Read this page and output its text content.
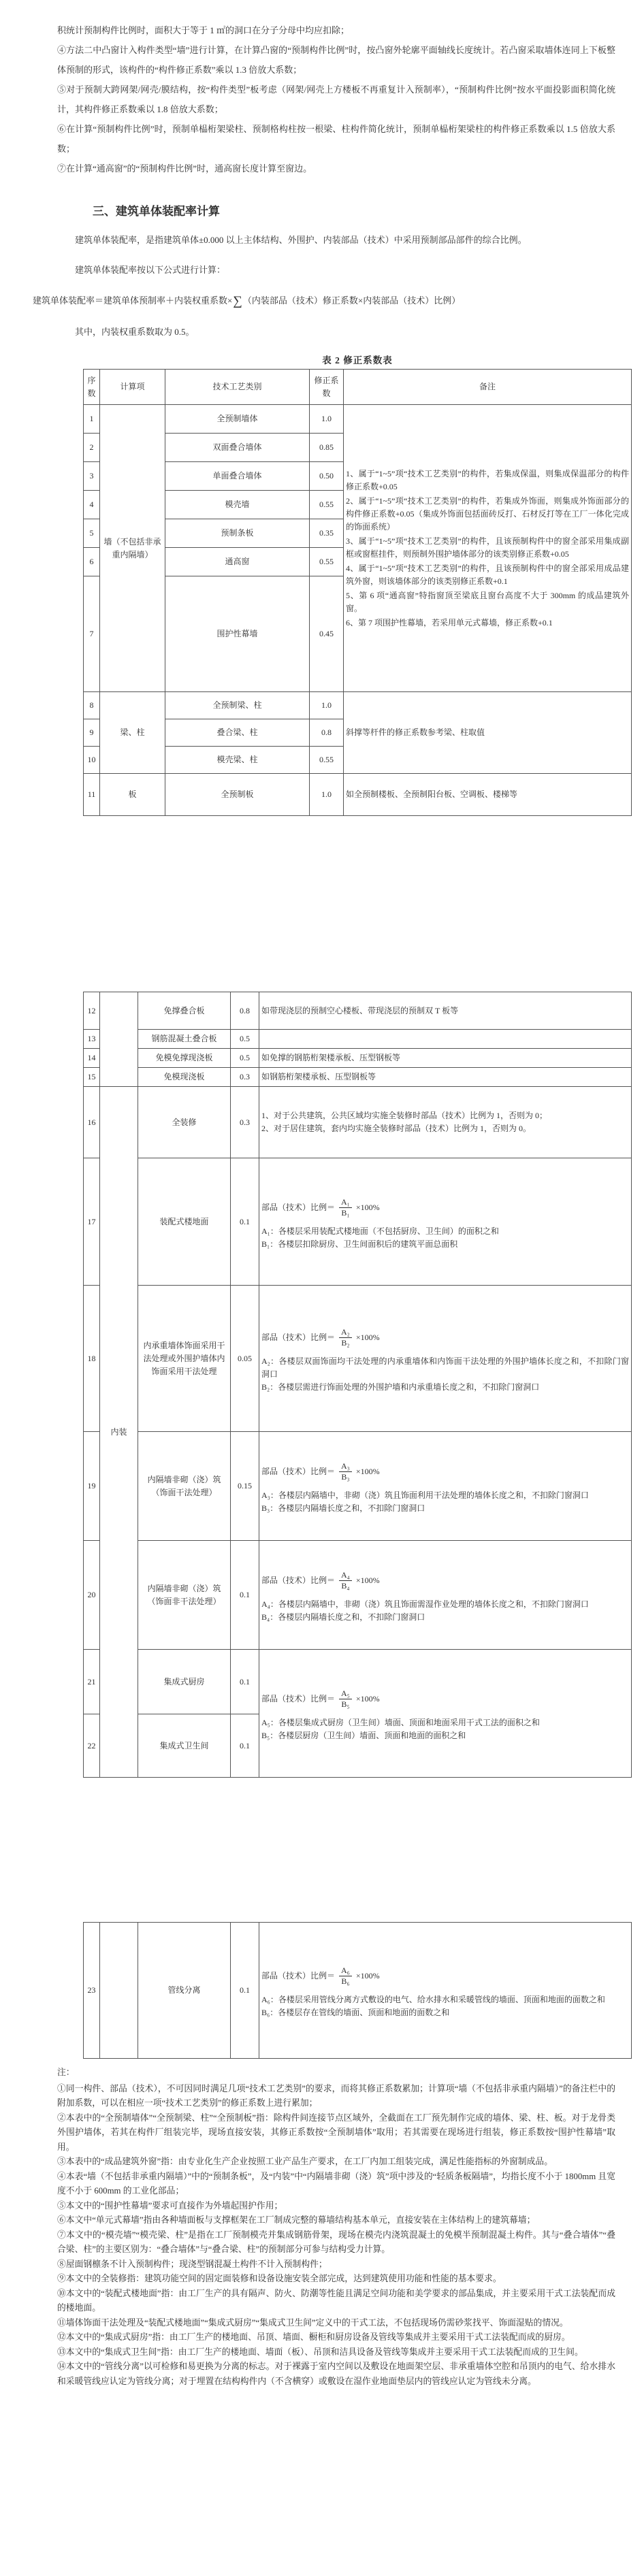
积统计预制构件比例时，面积大于等于 1 ㎡的洞口在分子分母中均应扣除；

④方法二中凸窗计入构件类型“墙”进行计算，在计算凸窗的“预制构件比例”时，按凸窗外轮廓平面轴线长度统计。若凸窗采取墙体连同上下板整体预制的形式，该构件的“构件修正系数”乘以 1.3 倍放大系数；

⑤对于预制大跨网架/网壳/膜结构，按“构件类型”板考虑（网架/网壳上方楼板不再重复计入预制率），“预制构件比例”按水平面投影面积简化统计，其构件修正系数乘以 1.8 倍放大系数；

⑥在计算“预制构件比例”时，预制单榀桁架梁柱、预制格构柱按一根梁、柱构件简化统计，预制单榀桁架梁柱的构件修正系数乘以 1.5 倍放大系数；

⑦在计算“通高窗”的“预制构件比例”时，通高窗长度计算至窗边。

三、建筑单体装配率计算

建筑单体装配率，是指建筑单体±0.000 以上主体结构、外围护、内装部品（技术）中采用预制部品部件的综合比例。

建筑单体装配率按以下公式进行计算：

建筑单体装配率＝建筑单体预制率＋内装权重系数×∑（内装部品（技术）修正系数×内装部品（技术）比例）

其中，内装权重系数取为 0.5。

表 2 修正系数表
序数	计算项	技术工艺类别	修正系数	备注
1	墙（不包括非承重内隔墙）	全预制墙体	1.0	
1、属于“1~5”项“技术工艺类别”的构件，若集成保温，则集成保温部分的构件修正系数+0.05
2、属于“1~5”项“技术工艺类别”的构件，若集成外饰面，则集成外饰面部分的构件修正系数+0.05（集成外饰面包括面砖反打、石材反打等在工厂一体化完成的饰面系统）
3、属于“1~5”项“技术工艺类别”的构件，且该预制构件中的窗全部采用集成副框或窗框挂件，则预制外围护墙体部分的该类别修正系数+0.05
4、属于“1~5”项“技术工艺类别”的构件，且该预制构件中的窗全部采用成品建筑外窗，则该墙体部分的该类别修正系数+0.1
5、第 6 项“通高窗”特指窗顶至梁底且窗台高度不大于 300mm 的成品建筑外窗。
6、第 7 项围护性幕墙，若采用单元式幕墙，修正系数+0.1

2		双面叠合墙体	0.85	
3		单面叠合墙体	0.50	
4		模壳墙	0.55	
5		预制条板	0.35	
6		通高窗	0.55	
7		围护性幕墙	0.45	
8	梁、柱	全预制梁、柱	1.0	斜撑等杆件的修正系数参考梁、柱取值
9		叠合梁、柱	0.8	
10		模壳梁、柱	0.55	
11	板	全预制板	1.0	如全预制楼板、全预制阳台板、空调板、楼梯等
12		免撑叠合板	0.8	如带现浇层的预制空心楼板、带现浇层的预制双 T 板等
13		钢筋混凝土叠合板	0.5	
14		免模免撑现浇板	0.5	如免撑的钢筋桁架楼承板、压型钢板等
15		免模现浇板	0.3	如钢筋桁架楼承板、压型钢板等
16	内装	全装修	0.3	1、对于公共建筑，公共区域均实施全装修时部品（技术）比例为 1，否则为 0；
2、对于居住建筑，套内均实施全装修时部品（技术）比例为 1，否则为 0。

17	装配式楼地面	0.1	
部品（技术）比例＝ $\frac{\text{A₁}}{\text{B₁}} \times 100\%$
A₁：各楼层采用装配式楼地面（不包括厨房、卫生间）的面积之和
B₁：各楼层扣除厨房、卫生间面积后的建筑平面总面积

18	内承重墙体饰面采用干法处理或外围护墙体内饰面采用干法处理	0.05	
部品（技术）比例＝ $\frac{\text{A₂}}{\text{B₂}} \times 100\%$
A₂：各楼层双面饰面均干法处理的内承重墙体和内饰面干法处理的外围护墙体长度之和，不扣除门窗洞口
B₂：各楼层需进行饰面处理的外围护墙和内承重墙长度之和，不扣除门窗洞口

19	内隔墙非砌（浇）筑（饰面干法处理）	0.15	
部品（技术）比例＝ $\frac{\text{A₃}}{\text{B₃}} \times 100\%$
A₃：各楼层内隔墙中，非砌（浇）筑且饰面利用干法处理的墙体长度之和，不扣除门窗洞口
B₃：各楼层内隔墙长度之和，不扣除门窗洞口

20	内隔墙非砌（浇）筑（饰面非干法处理）	0.1	
部品（技术）比例＝ $\frac{\text{A₄}}{\text{B₄}} \times 100\%$
A₄：各楼层内隔墙中，非砌（浇）筑且饰面需湿作业处理的墙体长度之和，不扣除门窗洞口
B₄：各楼层内隔墙长度之和，不扣除门窗洞口

21	集成式厨房	0.1	
部品（技术）比例＝ $\frac{\text{A₅}}{\text{B₅}} \times 100\%$
A₅：各楼层集成式厨房（卫生间）墙面、顶面和地面采用干式工法的面积之和
B₅：各楼层厨房（卫生间）墙面、顶面和地面的面积之和

22		集成式卫生间	0.1	
23		管线分离	0.1	
部品（技术）比例＝ $\frac{\text{A₆}}{\text{B₆}} \times 100\%$
A₆：各楼层采用管线分离方式敷设的电气、给水排水和采暖管线的墙面、顶面和地面的面数之和
B₆：各楼层存在管线的墙面、顶面和地面的面数之和

注：

①同一构件、部品（技术），不可因同时满足几项“技术工艺类别”的要求，而将其修正系数累加；计算项“墙（不包括非承重内隔墙）”的备注栏中的附加系数，可以在相应一项“技术工艺类别”的修正系数上进行累加；

②本表中的“全预制墙体”“全预制梁、柱”“全预制板”指：除构件间连接节点区域外，全截面在工厂预先制作完成的墙体、梁、柱、板。对于龙骨类外围护墙体，若其在构件厂组装完毕，现场直接安装，其修正系数按“全预制墙体”取用；若其需要在现场进行组装，修正系数按“围护性幕墙”取用。

③本表中的“成品建筑外窗”指：由专业化生产企业按照工业产品生产要求，在工厂内加工组装完成，满足性能指标的外窗制成品。

④本表“墙（不包括非承重内隔墙）”中的“预制条板”，及“内装”中“内隔墙非砌（浇）筑”项中涉及的“轻质条板隔墙”，均指长度不小于 1800mm 且宽度不小于 600mm 的工业化部品；

⑤本文中的“围护性幕墙”要求可直接作为外墙起围护作用；

⑥本文中“单元式幕墙”指由各种墙面板与支撑框架在工厂制成完整的幕墙结构基本单元，直接安装在主体结构上的建筑幕墙；

⑦本文中的“模壳墙”“模壳梁、柱”是指在工厂预制模壳并集成钢筋骨架，现场在模壳内浇筑混凝土的免模半预制混凝土构件。其与“叠合墙体”“叠合梁、柱”的主要区别为：“叠合墙体”与“叠合梁、柱”的预制部分可参与结构受力计算。

⑧屋面钢檩条不计入预制构件；现浇型钢混凝土构件不计入预制构件；

⑨本文中的全装修指：建筑功能空间的固定面装修和设备设施安装全部完成，达到建筑使用功能和性能的基本要求。

⑩本文中的“装配式楼地面”指：由工厂生产的具有隔声、防火、防潮等性能且满足空间功能和美学要求的部品集成，并主要采用干式工法装配而成的楼地面。

⑪墙体饰面干法处理及“装配式楼地面”“集成式厨房”“集成式卫生间”定义中的干式工法，不包括现场仍需砂浆找平、饰面湿贴的情况。

⑫本文中的“集成式厨房”指：由工厂生产的楼地面、吊顶、墙面、橱柜和厨房设备及管线等集成并主要采用干式工法装配而成的厨房。

⑬本文中的“集成式卫生间”指：由工厂生产的楼地面、墙面（板）、吊顶和洁具设备及管线等集成并主要采用干式工法装配而成的卫生间。

⑭本文中的“管线分离”以可检修和易更换为分离的标志。对于裸露于室内空间以及敷设在地面架空层、非承重墙体空腔和吊顶内的电气、给水排水和采暖管线应认定为管线分离；对于埋置在结构构件内（不含横穿）或敷设在湿作业地面垫层内的管线应认定为管线未分离。
